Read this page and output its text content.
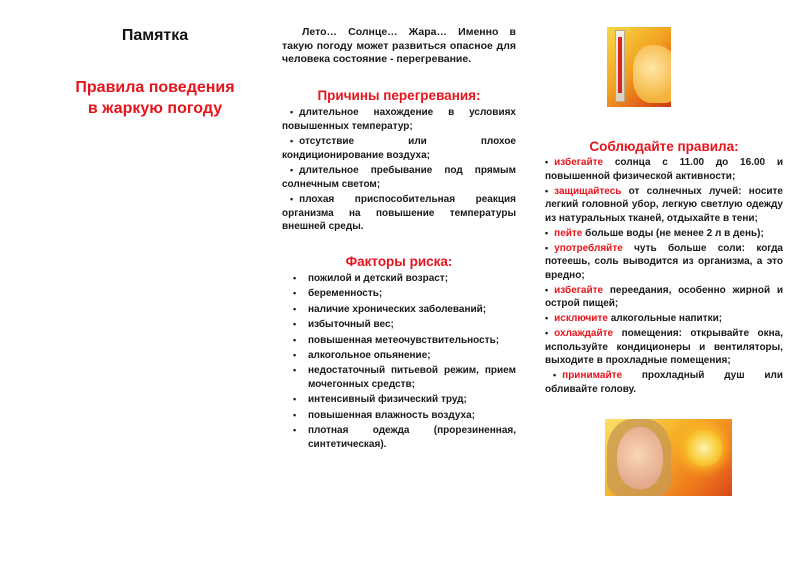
Памятка
Правила поведения
в жаркую погоду
Лето… Солнце… Жара… Именно в такую погоду может развиться опасное для человека состояние - перегревание.
Причины перегревания:
• длительное нахождение в условиях повышенных температур;
• отсутствие или плохое кондиционирование воздуха;
• длительное пребывание под прямым солнечным светом;
• плохая приспособительная реакция организма на повышение температуры внешней среды.
Факторы риска:
• пожилой и детский возраст;
• беременность;
• наличие хронических заболеваний;
• избыточный вес;
• повышенная метеочувствительность;
• алкогольное опьянение;
• недостаточный питьевой режим, прием мочегонных средств;
• интенсивный физический труд;
• повышенная влажность воздуха;
• плотная одежда (прорезиненная, синтетическая).
Соблюдайте правила:
• избегайте солнца с 11.00 до 16.00 и повышенной физической активности;
• защищайтесь от солнечных лучей: носите легкий головной убор, легкую светлую одежду из натуральных тканей, отдыхайте в тени;
• пейте больше воды (не менее 2 л в день);
• употребляйте чуть больше соли: когда потеешь, соль выводится из организма, а это вредно;
• избегайте переедания, особенно жирной и острой пищей;
• исключите алкогольные напитки;
• охлаждайте помещения: открывайте окна, используйте кондиционеры и вентиляторы, выходите в прохладные помещения;
• принимайте прохладный душ или обливайте голову.
